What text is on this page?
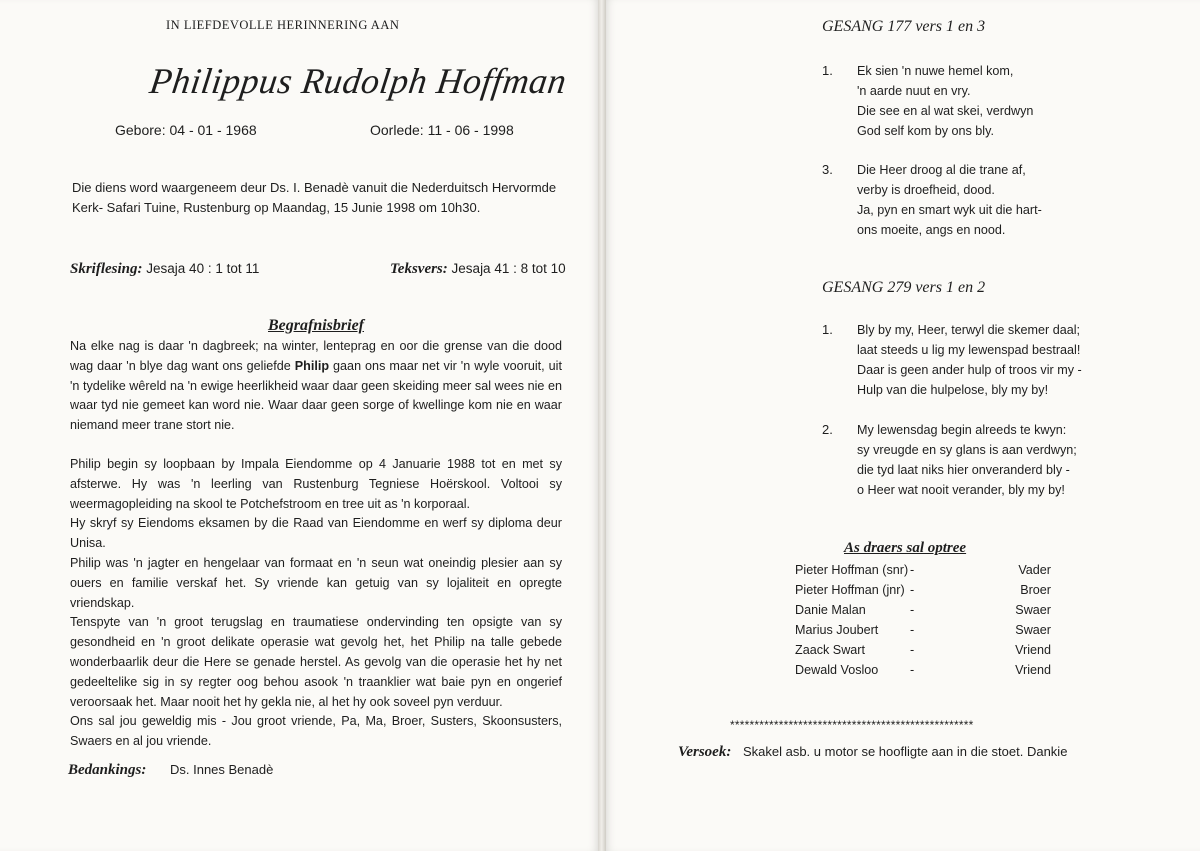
IN LIEFDEVOLLE HERINNERING AAN
Philippus Rudolph Hoffman
Gebore: 04 - 01 - 1968	Oorlede: 11 - 06 - 1998
Die diens word waargeneem deur Ds. I. Benadè vanuit die Nederduitsch Hervormde Kerk- Safari Tuine, Rustenburg op Maandag, 15 Junie 1998 om 10h30.
Skriflesing: Jesaja 40 : 1 tot 11	Teksvers: Jesaja 41 : 8 tot 10
Begrafnisbrief

Na elke nag is daar 'n dagbreek; na winter, lenteprag en oor die grense van die dood wag daar 'n blye dag want ons geliefde Philip gaan ons maar net vir 'n wyle vooruit, uit 'n tydelike wêreld na 'n ewige heerlikheid waar daar geen skeiding meer sal wees nie en waar tyd nie gemeet kan word nie. Waar daar geen sorge of kwellinge kom nie en waar niemand meer trane stort nie.

Philip begin sy loopbaan by Impala Eiendomme op 4 Januarie 1988 tot en met sy afsterwe. Hy was 'n leerling van Rustenburg Tegniese Hoërskool. Voltooi sy weermagopleiding na skool te Potchefstroom en tree uit as 'n korporaal.

Hy skryf sy Eiendoms eksamen by die Raad van Eiendomme en werf sy diploma deur Unisa.

Philip was 'n jagter en hengelaar van formaat en 'n seun wat oneindig plesier aan sy ouers en familie verskaf het. Sy vriende kan getuig van sy lojaliteit en opregte vriendskap.

Tenspyte van 'n groot terugslag en traumatiese ondervinding ten opsigte van sy gesondheid en 'n groot delikate operasie wat gevolg het, het Philip na talle gebede wonderbaarlik deur die Here se genade herstel. As gevolg van die operasie het hy net gedeeltelike sig in sy regter oog behou asook 'n traanklier wat baie pyn en ongerief veroorsaak het. Maar nooit het hy gekla nie, al het hy ook soveel pyn verduur.

Ons sal jou geweldig mis - Jou groot vriende, Pa, Ma, Broer, Susters, Skoonsusters, Swaers en al jou vriende.

Bedankings: Ds. Innes Benadè
GESANG 177 vers 1 en 3
1. Ek sien 'n nuwe hemel kom,
'n aarde nuut en vry.
Die see en al wat skei, verdwyn
God self kom by ons bly.
3. Die Heer droog al die trane af,
verby is droefheid, dood.
Ja, pyn en smart wyk uit die hart-
ons moeite, angs en nood.
GESANG 279 vers 1 en 2
1. Bly by my, Heer, terwyl die skemer daal;
laat steeds u lig my lewenspad bestraal!
Daar is geen ander hulp of troos vir my -
Hulp van die hulpelose, bly my by!
2. My lewensdag begin alreeds te kwyn:
sy vreugde en sy glans is aan verdwyn;
die tyd laat niks hier onveranderd bly -
o Heer wat nooit verander, bly my by!
As draers sal optree
Pieter Hoffman (snr) -	Vader
Pieter Hoffman (jnr) -	Broer
Danie Malan	-	Swaer
Marius Joubert	-	Swaer
Zaack Swart	-	Vriend
Dewald Vosloo	-	Vriend
**************************************************
Versoek: Skakel asb. u motor se hoofligte aan in die stoet. Dankie
